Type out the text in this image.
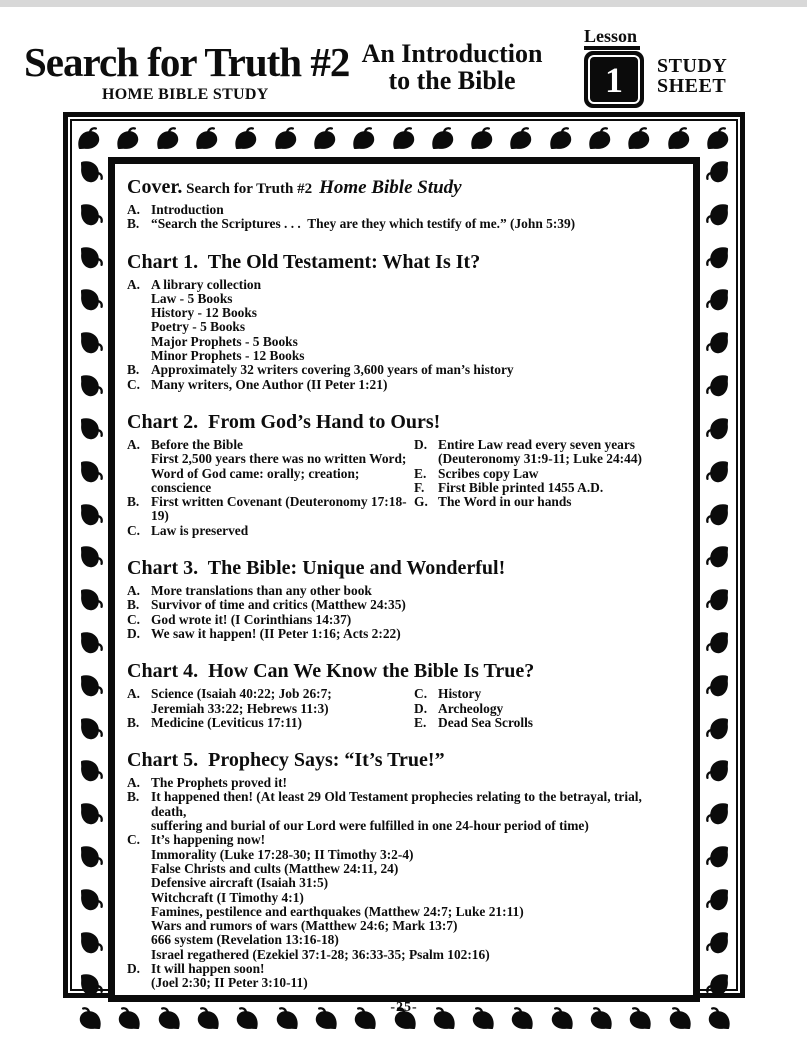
Search for Truth #2 An Introduction
to the Bible
Lesson
1	STUDY
SHEET
HOME BIBLE STUDY
Cover. Search for Truth #2 Home Bible Study
A. Introduction
B. “Search the Scriptures . . .  They are they which testify of me.” (John 5:39)
Chart 1.  The Old Testament: What Is It?
A. A library collection
Law - 5 Books
History - 12 Books
Poetry - 5 Books
Major Prophets - 5 Books
Minor Prophets - 12 Books
B. Approximately 32 writers covering 3,600 years of man’s history
C. Many writers, One Author (II Peter 1:21)
Chart 2.  From God’s Hand to Ours!
A. Before the Bible
First 2,500 years there was no written Word;
Word of God came: orally; creation; conscience
B. First written Covenant (Deuteronomy 17:18-19)
C. Law is preserved
D. Entire Law read every seven years
(Deuteronomy 31:9-11; Luke 24:44)
E. Scribes copy Law
F.	First Bible printed 1455 A.D.
G. The Word in our hands
Chart 3.  The Bible: Unique and Wonderful!
A. More translations than any other book
B. Survivor of time and critics (Matthew 24:35)
C. God wrote it! (I Corinthians 14:37)
D. We saw it happen! (II Peter 1:16; Acts 2:22)
Chart 4.  How Can We Know the Bible Is True?
A. Science (Isaiah 40:22; Job 26:7;
Jeremiah 33:22; Hebrews 11:3)
B. Medicine (Leviticus 17:11)
C. History
D. Archeology
E. Dead Sea Scrolls
Chart 5.  Prophecy Says: “It’s True!”
A. The Prophets proved it!
B. It happened then! (At least 29 Old Testament prophecies relating to the betrayal, trial, death,
suffering and burial of our Lord were fulfilled in one 24-hour period of time)
C. It’s happening now!
Immorality (Luke 17:28-30; II Timothy 3:2-4)
False Christs and cults (Matthew 24:11, 24)
Defensive aircraft (Isaiah 31:5)
Witchcraft (I Timothy 4:1)
Famines, pestilence and earthquakes (Matthew 24:7; Luke 21:11)
Wars and rumors of wars (Matthew 24:6; Mark 13:7)
666 system (Revelation 13:16-18)
Israel regathered (Ezekiel 37:1-28; 36:33-35; Psalm 102:16)
D. It will happen soon!
(Joel 2:30; II Peter 3:10-11)
-25-
